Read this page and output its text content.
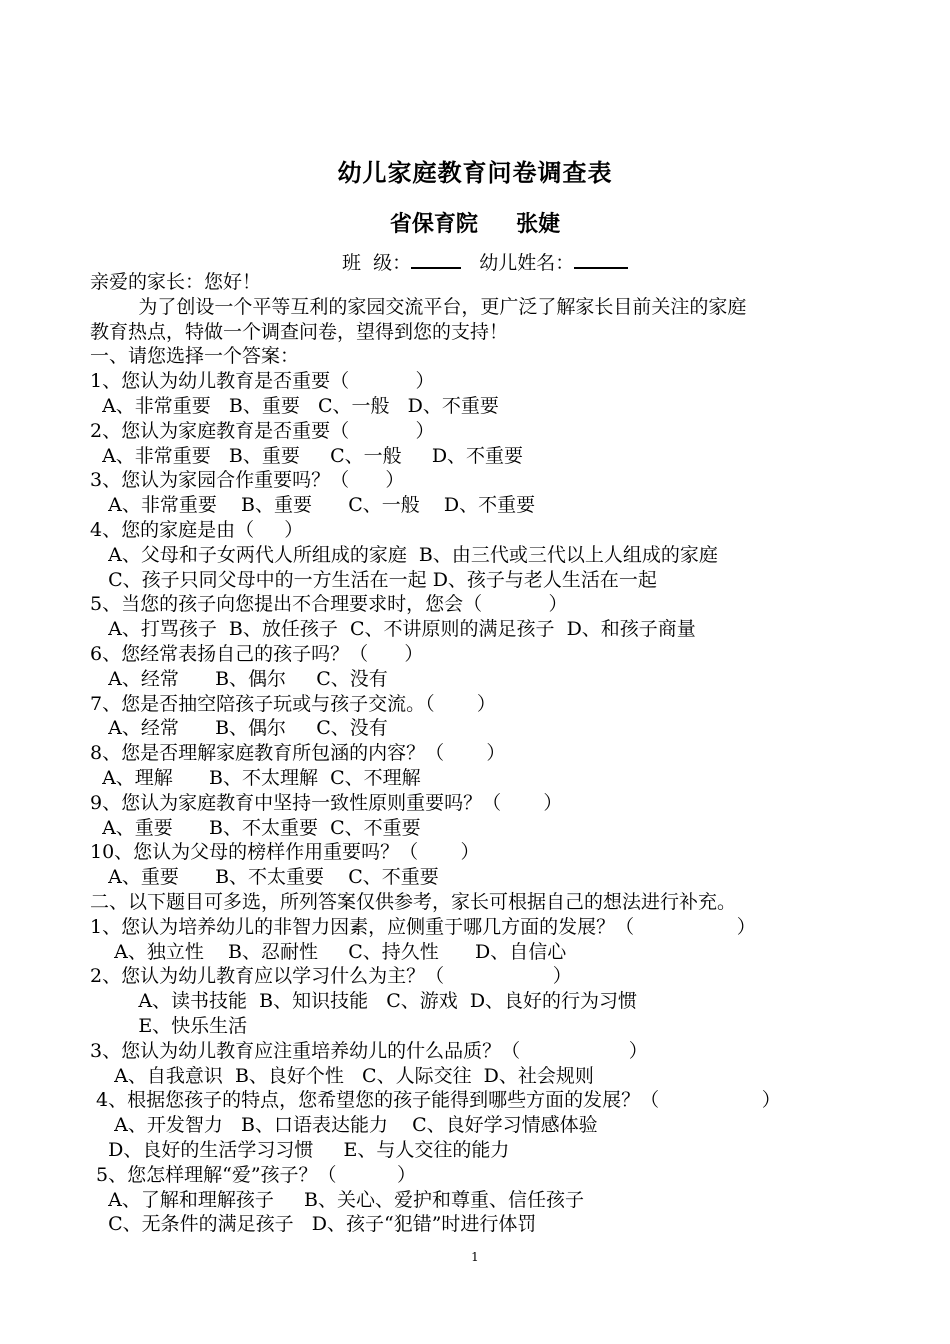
幼儿家庭教育问卷调查表
省保育院     张婕
班  级：	幼儿姓名：
亲爱的家长：您好！
为了创设一个平等互利的家园交流平台，更广泛了解家长目前关注的家庭
教育热点，特做一个调查问卷，望得到您的支持！
一、请您选择一个答案：
1、您认为幼儿教育是否重要（           ）
A、非常重要   B、重要   C、一般   D、不重要
2、您认为家庭教育是否重要（           ）
A、非常重要   B、重要     C、一般     D、不重要
3、您认为家园合作重要吗？（      ）
A、非常重要    B、重要      C、一般    D、不重要
4、您的家庭是由（     ）
A、父母和子女两代人所组成的家庭  B、由三代或三代以上人组成的家庭
C、孩子只同父母中的一方生活在一起 D、孩子与老人生活在一起
5、当您的孩子向您提出不合理要求时，您会（           ）
A、打骂孩子  B、放任孩子  C、不讲原则的满足孩子  D、和孩子商量
6、您经常表扬自己的孩子吗？（      ）
A、经常      B、偶尔     C、没有
7、您是否抽空陪孩子玩或与孩子交流。（       ）
A、经常      B、偶尔     C、没有
8、您是否理解家庭教育所包涵的内容？（       ）
A、理解      B、不太理解  C、不理解
9、您认为家庭教育中坚持一致性原则重要吗？（       ）
A、重要      B、不太重要  C、不重要
10、您认为父母的榜样作用重要吗？（       ）
A、重要      B、不太重要    C、不重要
二、以下题目可多选，所列答案仅供参考，家长可根据自己的想法进行补充。
1、您认为培养幼儿的非智力因素，应侧重于哪几方面的发展？（                 ）
A、独立性    B、忍耐性     C、持久性      D、自信心
2、您认为幼儿教育应以学习什么为主？（                  ）
A、读书技能  B、知识技能   C、游戏  D、良好的行为习惯
E、快乐生活
3、您认为幼儿教育应注重培养幼儿的什么品质？（                  ）
A、自我意识  B、良好个性   C、人际交往  D、社会规则
4、根据您孩子的特点，您希望您的孩子能得到哪些方面的发展？（                 ）
A、开发智力   B、口语表达能力    C、良好学习情感体验
D、良好的生活学习习惯     E、与人交往的能力
5、您怎样理解“爱”孩子？（          ）
A、了解和理解孩子     B、关心、爱护和尊重、信任孩子
C、无条件的满足孩子   D、孩子“犯错”时进行体罚
1
